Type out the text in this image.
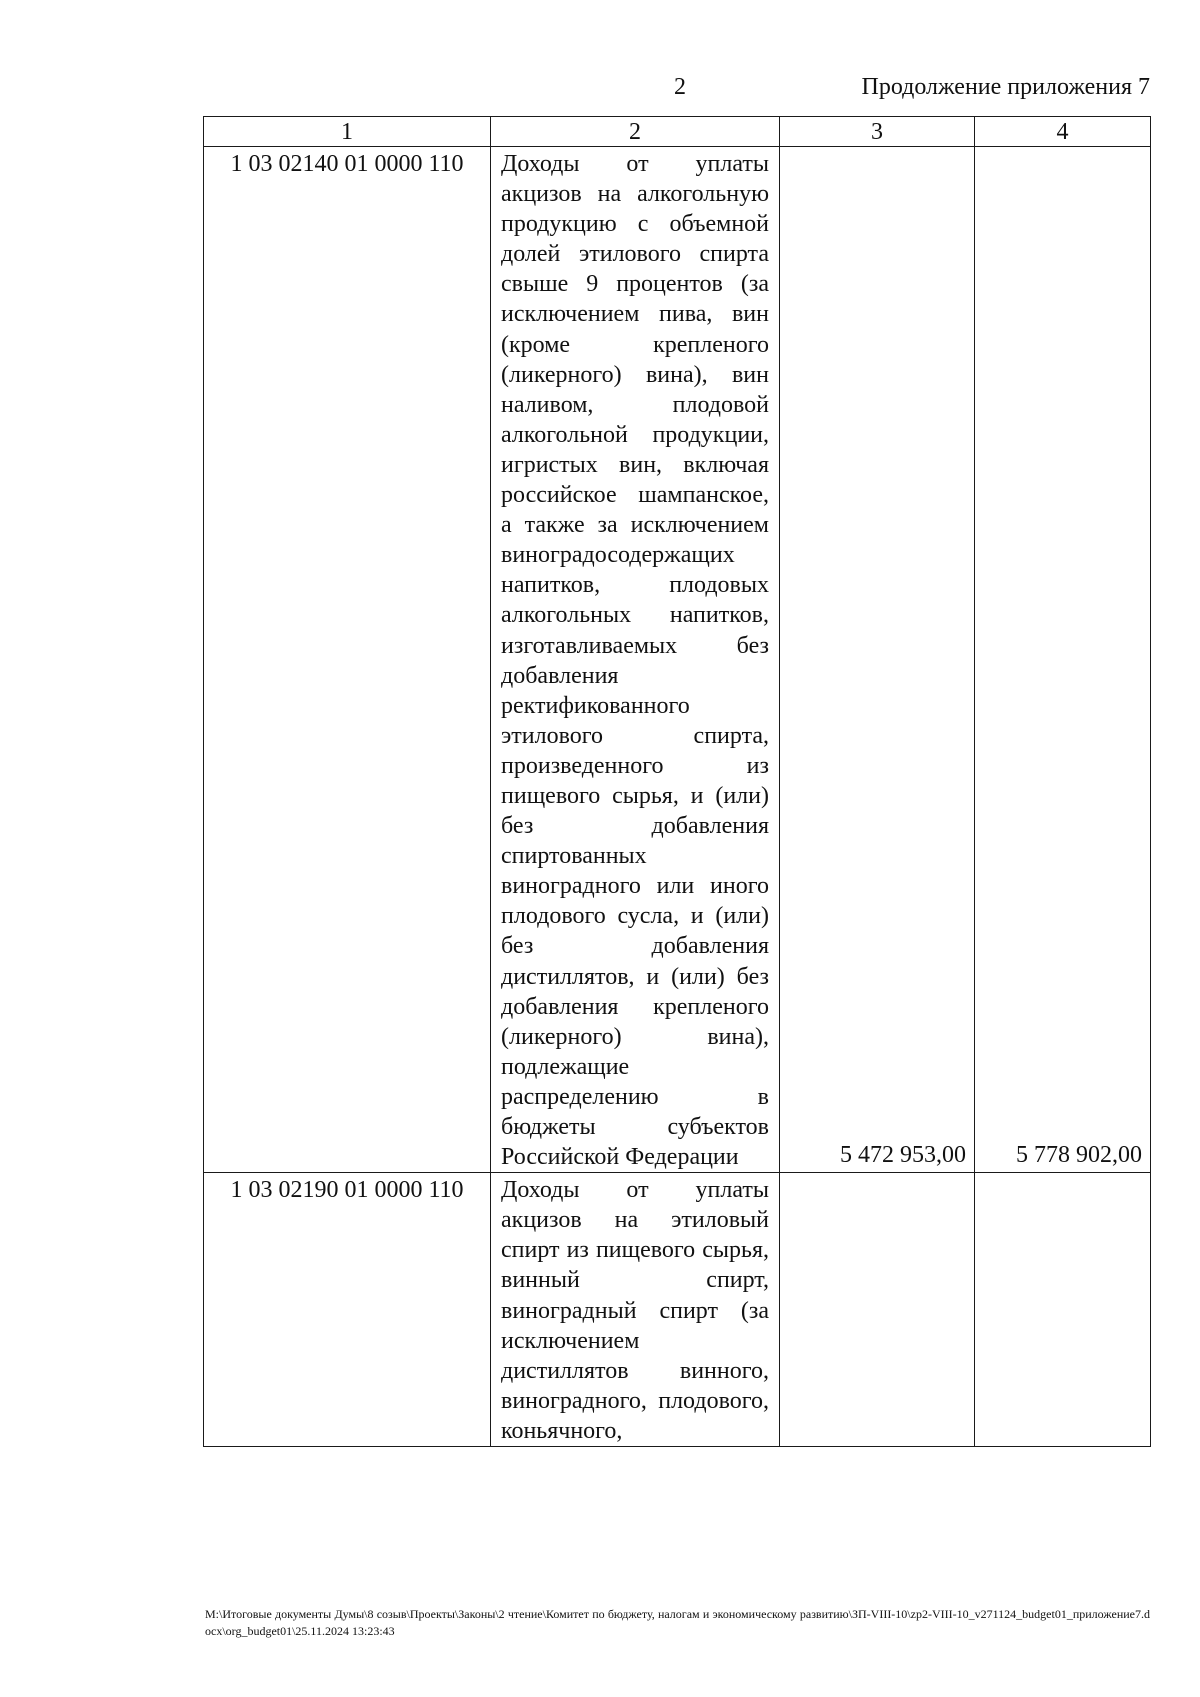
2	Продолжение приложения 7
1	2	3	4
1 03 02140 01 0000 110	Доходы от уплаты акцизов на алкогольную продукцию с объемной долей этилового спирта свыше 9 процентов (за исключением пива, вин (кроме крепленого (ликерного) вина), вин наливом, плодовой алкогольной продукции, игристых вин, включая российское шампанское, а также за исключением виноградосодержащих напитков, плодовых алкогольных напитков, изготавливаемых без добавления ректификованного этилового спирта, произведенного из пищевого сырья, и (или) без добавления спиртованных виноградного или иного плодового сусла, и (или) без добавления дистиллятов, и (или) без добавления крепленого (ликерного) вина), подлежащие распределению в бюджеты субъектов Российской Федерации	5 472 953,00	5 778 902,00
1 03 02190 01 0000 110	Доходы от уплаты акцизов на этиловый спирт из пищевого сырья, винный спирт, виноградный спирт (за исключением дистиллятов винного, виноградного, плодового, коньячного,		

M:\Итоговые документы Думы\8 созыв\Проекты\Законы\2 чтение\Комитет по бюджету, налогам и экономическому развитию\ЗП-VIII-10\zp2-VIII-10_v271124_budget01_приложение7.docx\org_budget01\25.11.2024 13:23:43
